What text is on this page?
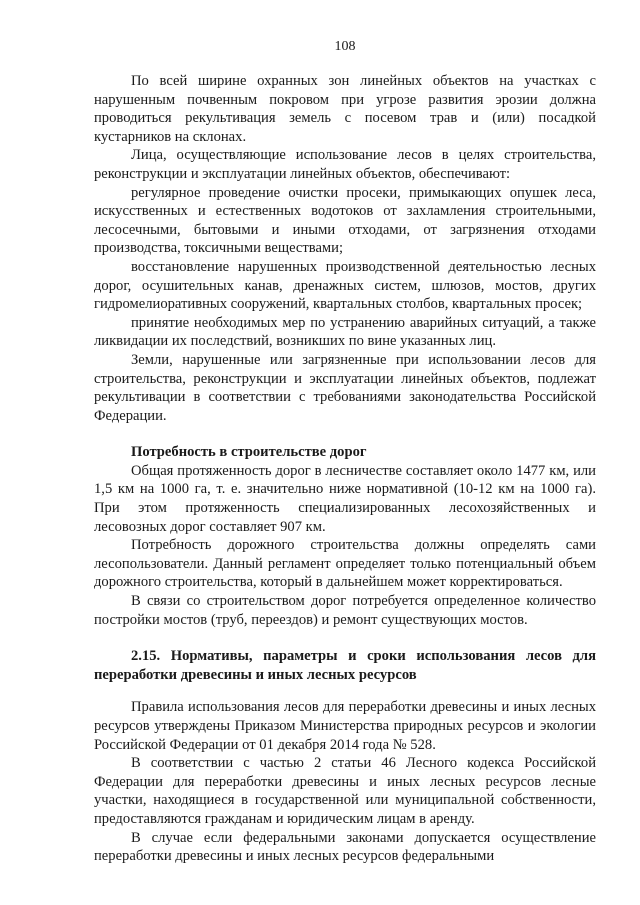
108

По всей ширине охранных зон линейных объектов на участках с нарушенным почвенным покровом при угрозе развития эрозии должна проводиться рекультивация земель с посевом трав и (или) посадкой кустарников на склонах.

Лица, осуществляющие использование лесов в целях строительства, реконструкции и эксплуатации линейных объектов, обеспечивают:

регулярное проведение очистки просеки, примыкающих опушек леса, искусственных и естественных водотоков от захламления строительными, лесосечными, бытовыми и иными отходами, от загрязнения отходами производства, токсичными веществами;

восстановление нарушенных производственной деятельностью лесных дорог, осушительных канав, дренажных систем, шлюзов, мостов, других гидромелиоративных сооружений, квартальных столбов, квартальных просек;

принятие необходимых мер по устранению аварийных ситуаций, а также ликвидации их последствий, возникших по вине указанных лиц.

Земли, нарушенные или загрязненные при использовании лесов для строительства, реконструкции и эксплуатации линейных объектов, подлежат рекультивации в соответствии с требованиями законодательства Российской Федерации.

Потребность в строительстве дорог

Общая протяженность дорог в лесничестве составляет около 1477 км, или 1,5 км на 1000 га, т. е. значительно ниже нормативной (10-12 км на 1000 га). При этом протяженность специализированных лесохозяйственных и лесовозных дорог составляет 907 км.

Потребность дорожного строительства должны определять сами лесопользователи. Данный регламент определяет только потенциальный объем дорожного строительства, который в дальнейшем может корректироваться.

В связи со строительством дорог потребуется определенное количество постройки мостов (труб, переездов) и ремонт существующих мостов.

2.15. Нормативы, параметры и сроки использования лесов для переработки древесины и иных лесных ресурсов

Правила использования лесов для переработки древесины и иных лесных ресурсов утверждены Приказом Министерства природных ресурсов и экологии Российской Федерации от 01 декабря 2014 года № 528.

В соответствии с частью 2 статьи 46 Лесного кодекса Российской Федерации для переработки древесины и иных лесных ресурсов лесные участки, находящиеся в государственной или муниципальной собственности, предоставляются гражданам и юридическим лицам в аренду.

В случае если федеральными законами допускается осуществление переработки древесины и иных лесных ресурсов федеральными
